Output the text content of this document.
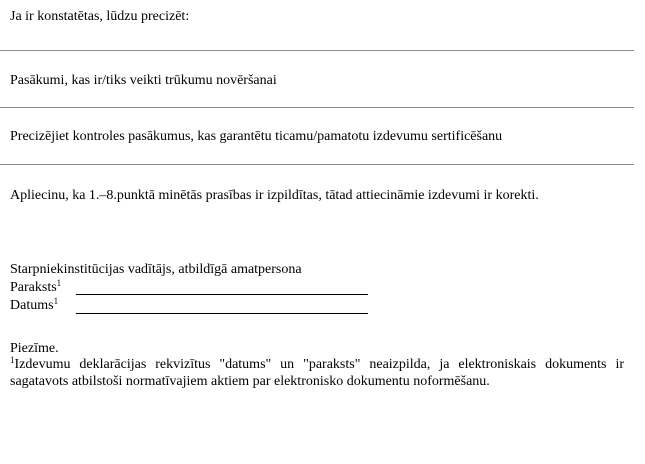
Ja ir konstatētas, lūdzu precizēt:
Pasākumi, kas ir/tiks veikti trūkumu novēršanai
Precizējiet kontroles pasākumus, kas garantētu ticamu/pamatotu izdevumu sertificēšanu
Apliecinu, ka 1.–8.punktā minētās prasības ir izpildītas, tātad attiecināmie izdevumi ir korekti.
Starpniekinstitūcijas vadītājs, atbildīgā amatpersona
Paraksts$^1$
Datums$^1$
Piezīme.
$^1$Izdevumu deklarācijas rekvizītus "datums" un "paraksts" neaizpilda, ja elektroniskais dokuments ir sagatavots atbilstoši normatīvajiem aktiem par elektronisko dokumentu noformēšanu.
